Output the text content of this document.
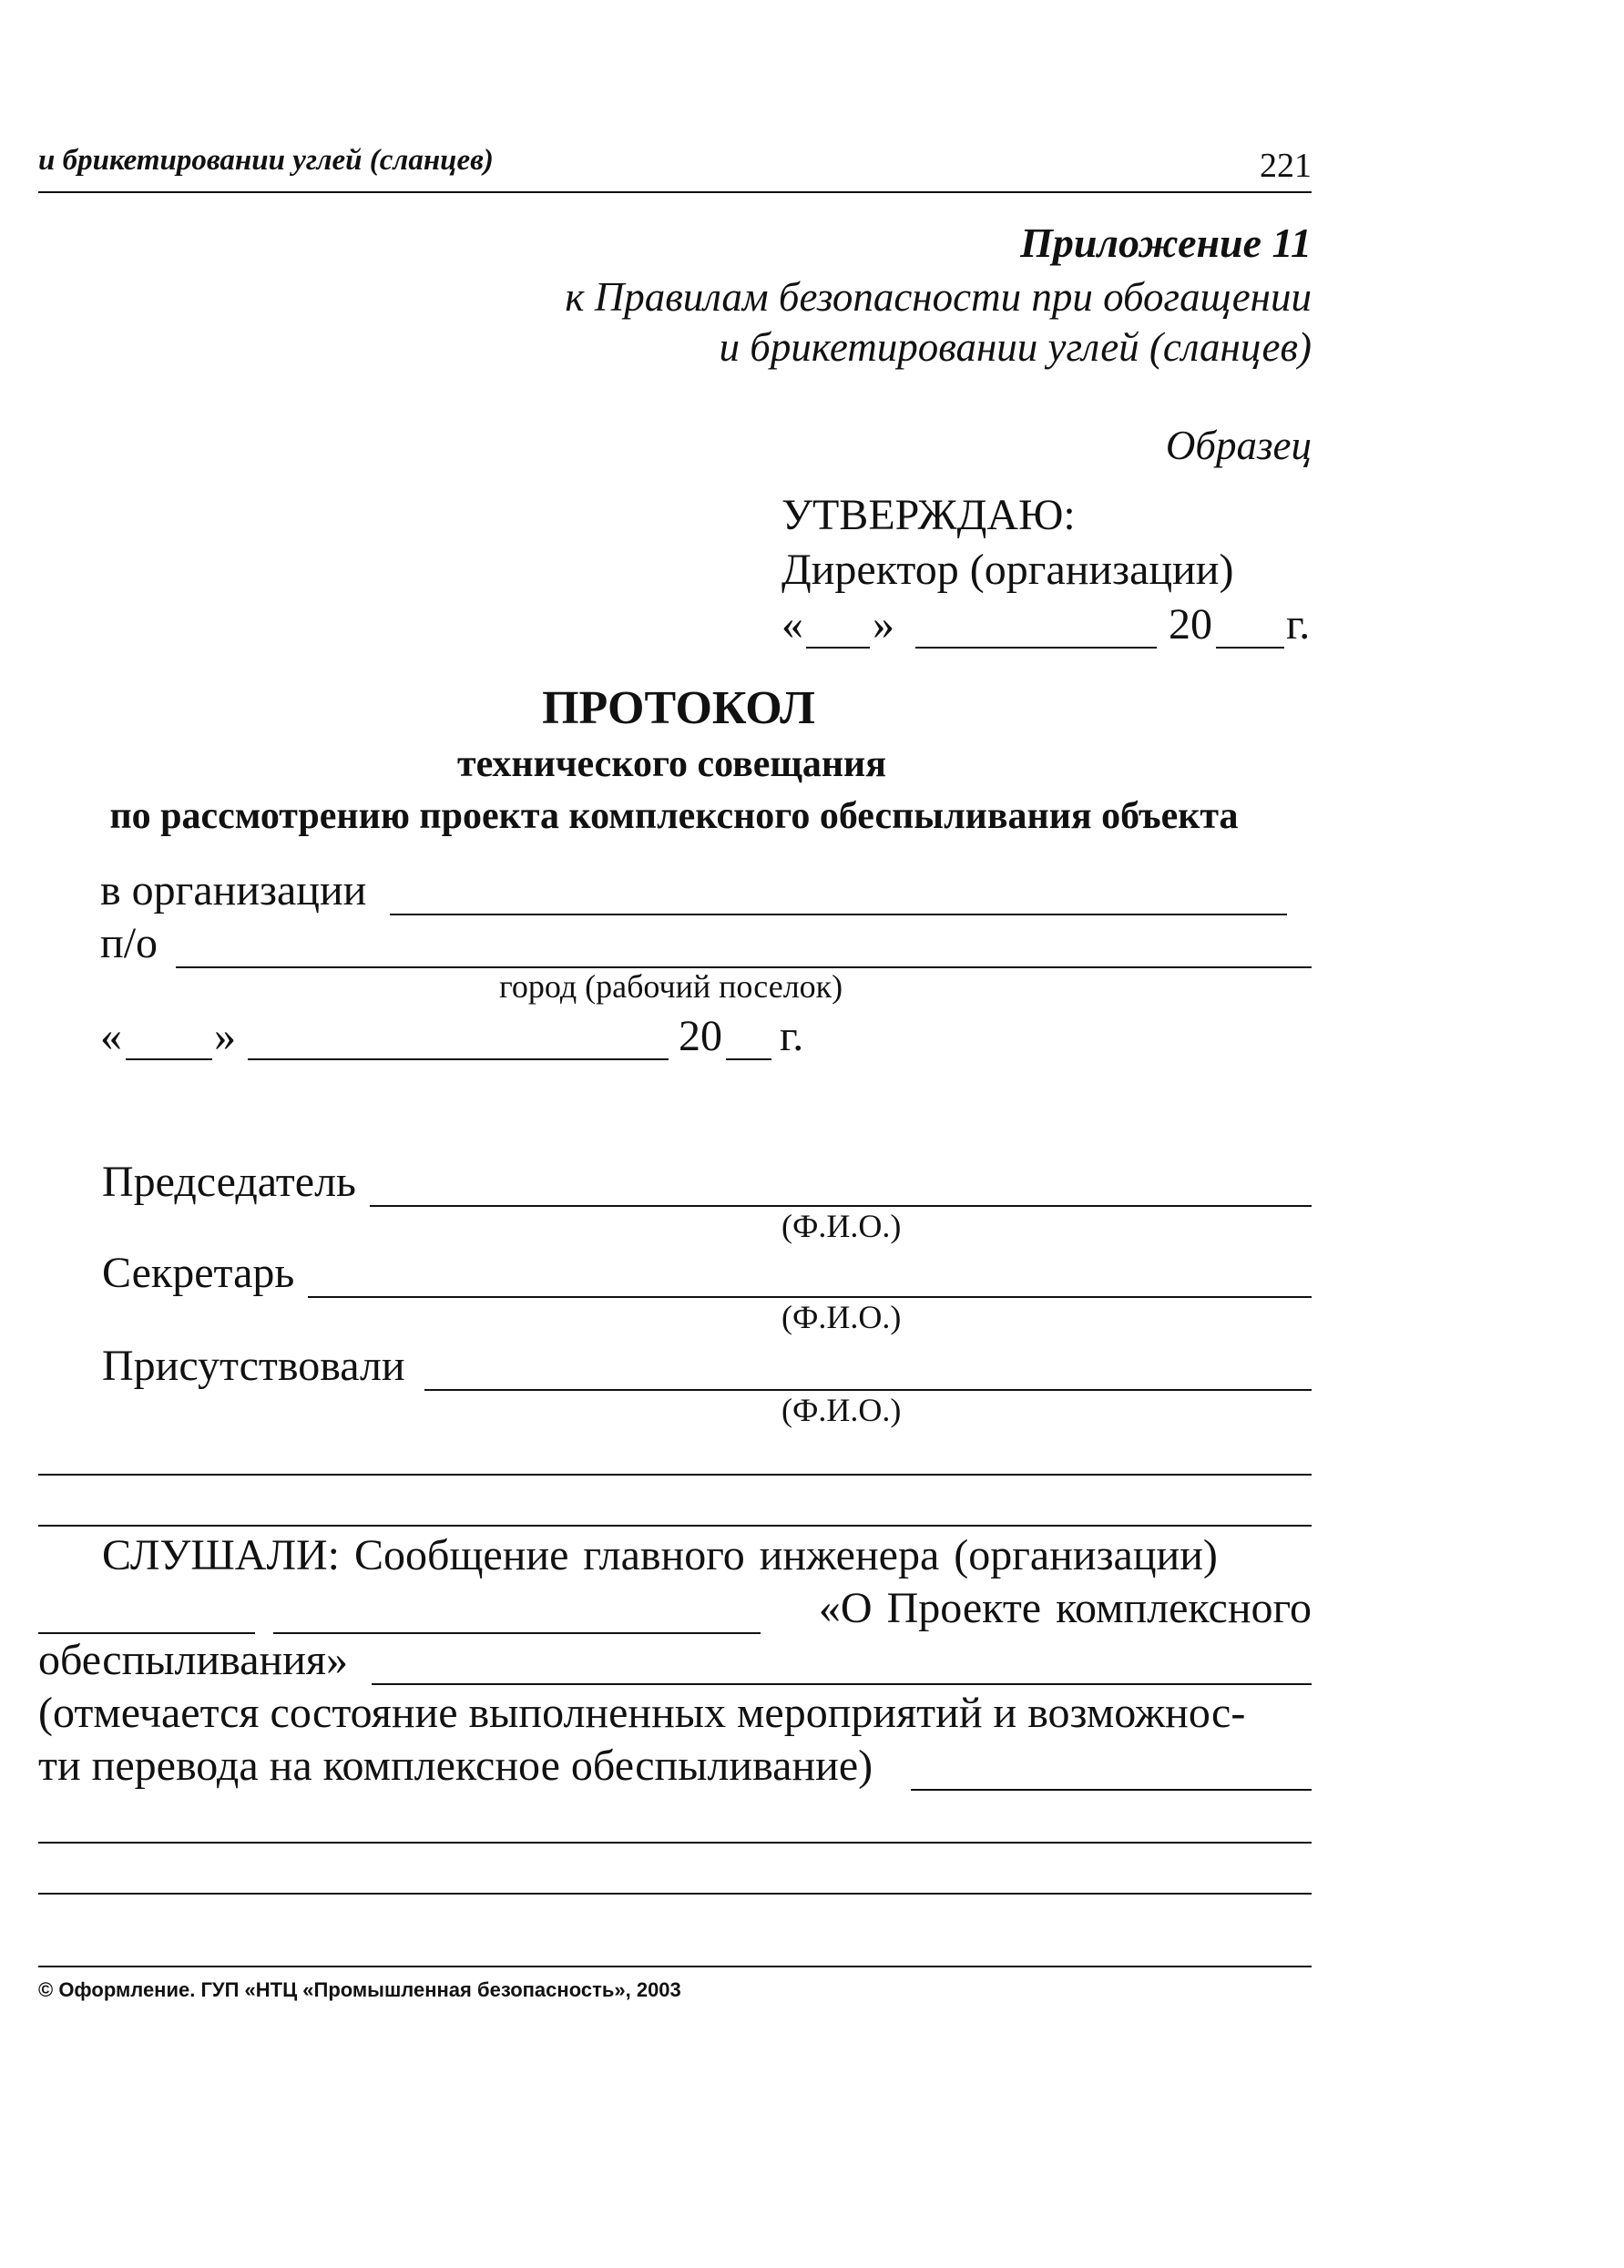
и брикетировании углей (сланцев)	221
Приложение 11
к Правилам безопасности при обогащении
и брикетировании углей (сланцев)
Образец
УТВЕРЖДАЮ:
Директор (организации)
« »	20 г.
ПРОТОКОЛ
технического совещания
по рассмотрению проекта комплексного обеспыливания объекта
в организации
п/о
город (рабочий поселок)
« »	20 г.
Председатель
(Ф.И.О.)
Секретарь
(Ф.И.О.)
Присутствовали
(Ф.И.О.)
СЛУШАЛИ: Сообщение главного инженера (организации)
«О Проекте комплексного
обеспыливания»
(отмечается состояние выполненных мероприятий и возможнос-
ти перевода на комплексное обеспыливание)
© Оформление. ГУП «НТЦ «Промышленная безопасность», 2003
